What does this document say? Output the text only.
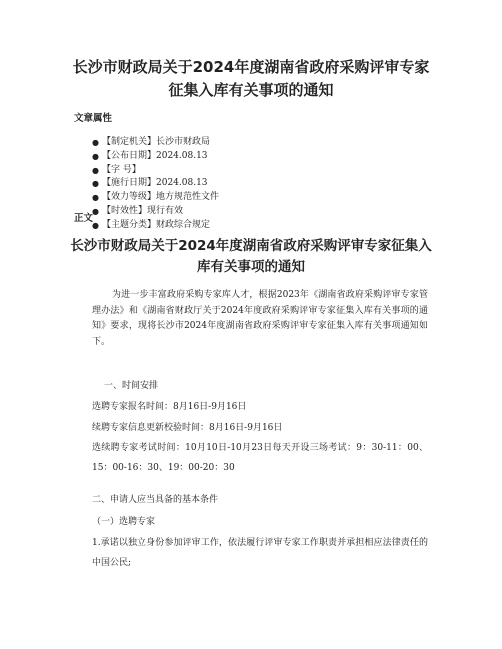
长沙市财政局关于2024年度湖南省政府采购评审专家
征集入库有关事项的通知
文章属性
● 【制定机关】长沙市财政局
● 【公布日期】2024.08.13
● 【字 号】
● 【施行日期】2024.08.13
● 【效力等级】地方规范性文件
● 【时效性】现行有效
● 【主题分类】财政综合规定
正文
长沙市财政局关于2024年度湖南省政府采购评审专家征集入
库有关事项的通知

为进一步丰富政府采购专家库人才，根据2023年《湖南省政府采购评审专家管理办法》和《湖南省财政厅关于2024年度政府采购评审专家征集入库有关事项的通知》要求，现将长沙市2024年度湖南省政府采购评审专家征集入库有关事项通知如下。

一、时间安排
选聘专家报名时间：8月16日-9月16日
续聘专家信息更新校验时间：8月16日-9月16日

选续聘专家考试时间：10月10日-10月23日每天开设三场考试：9：30-11：00、15：00-16：30、19：00-20：30

二、申请人应当具备的基本条件
（一）选聘专家

1.承诺以独立身份参加评审工作，依法履行评审专家工作职责并承担相应法律责任的中国公民;
